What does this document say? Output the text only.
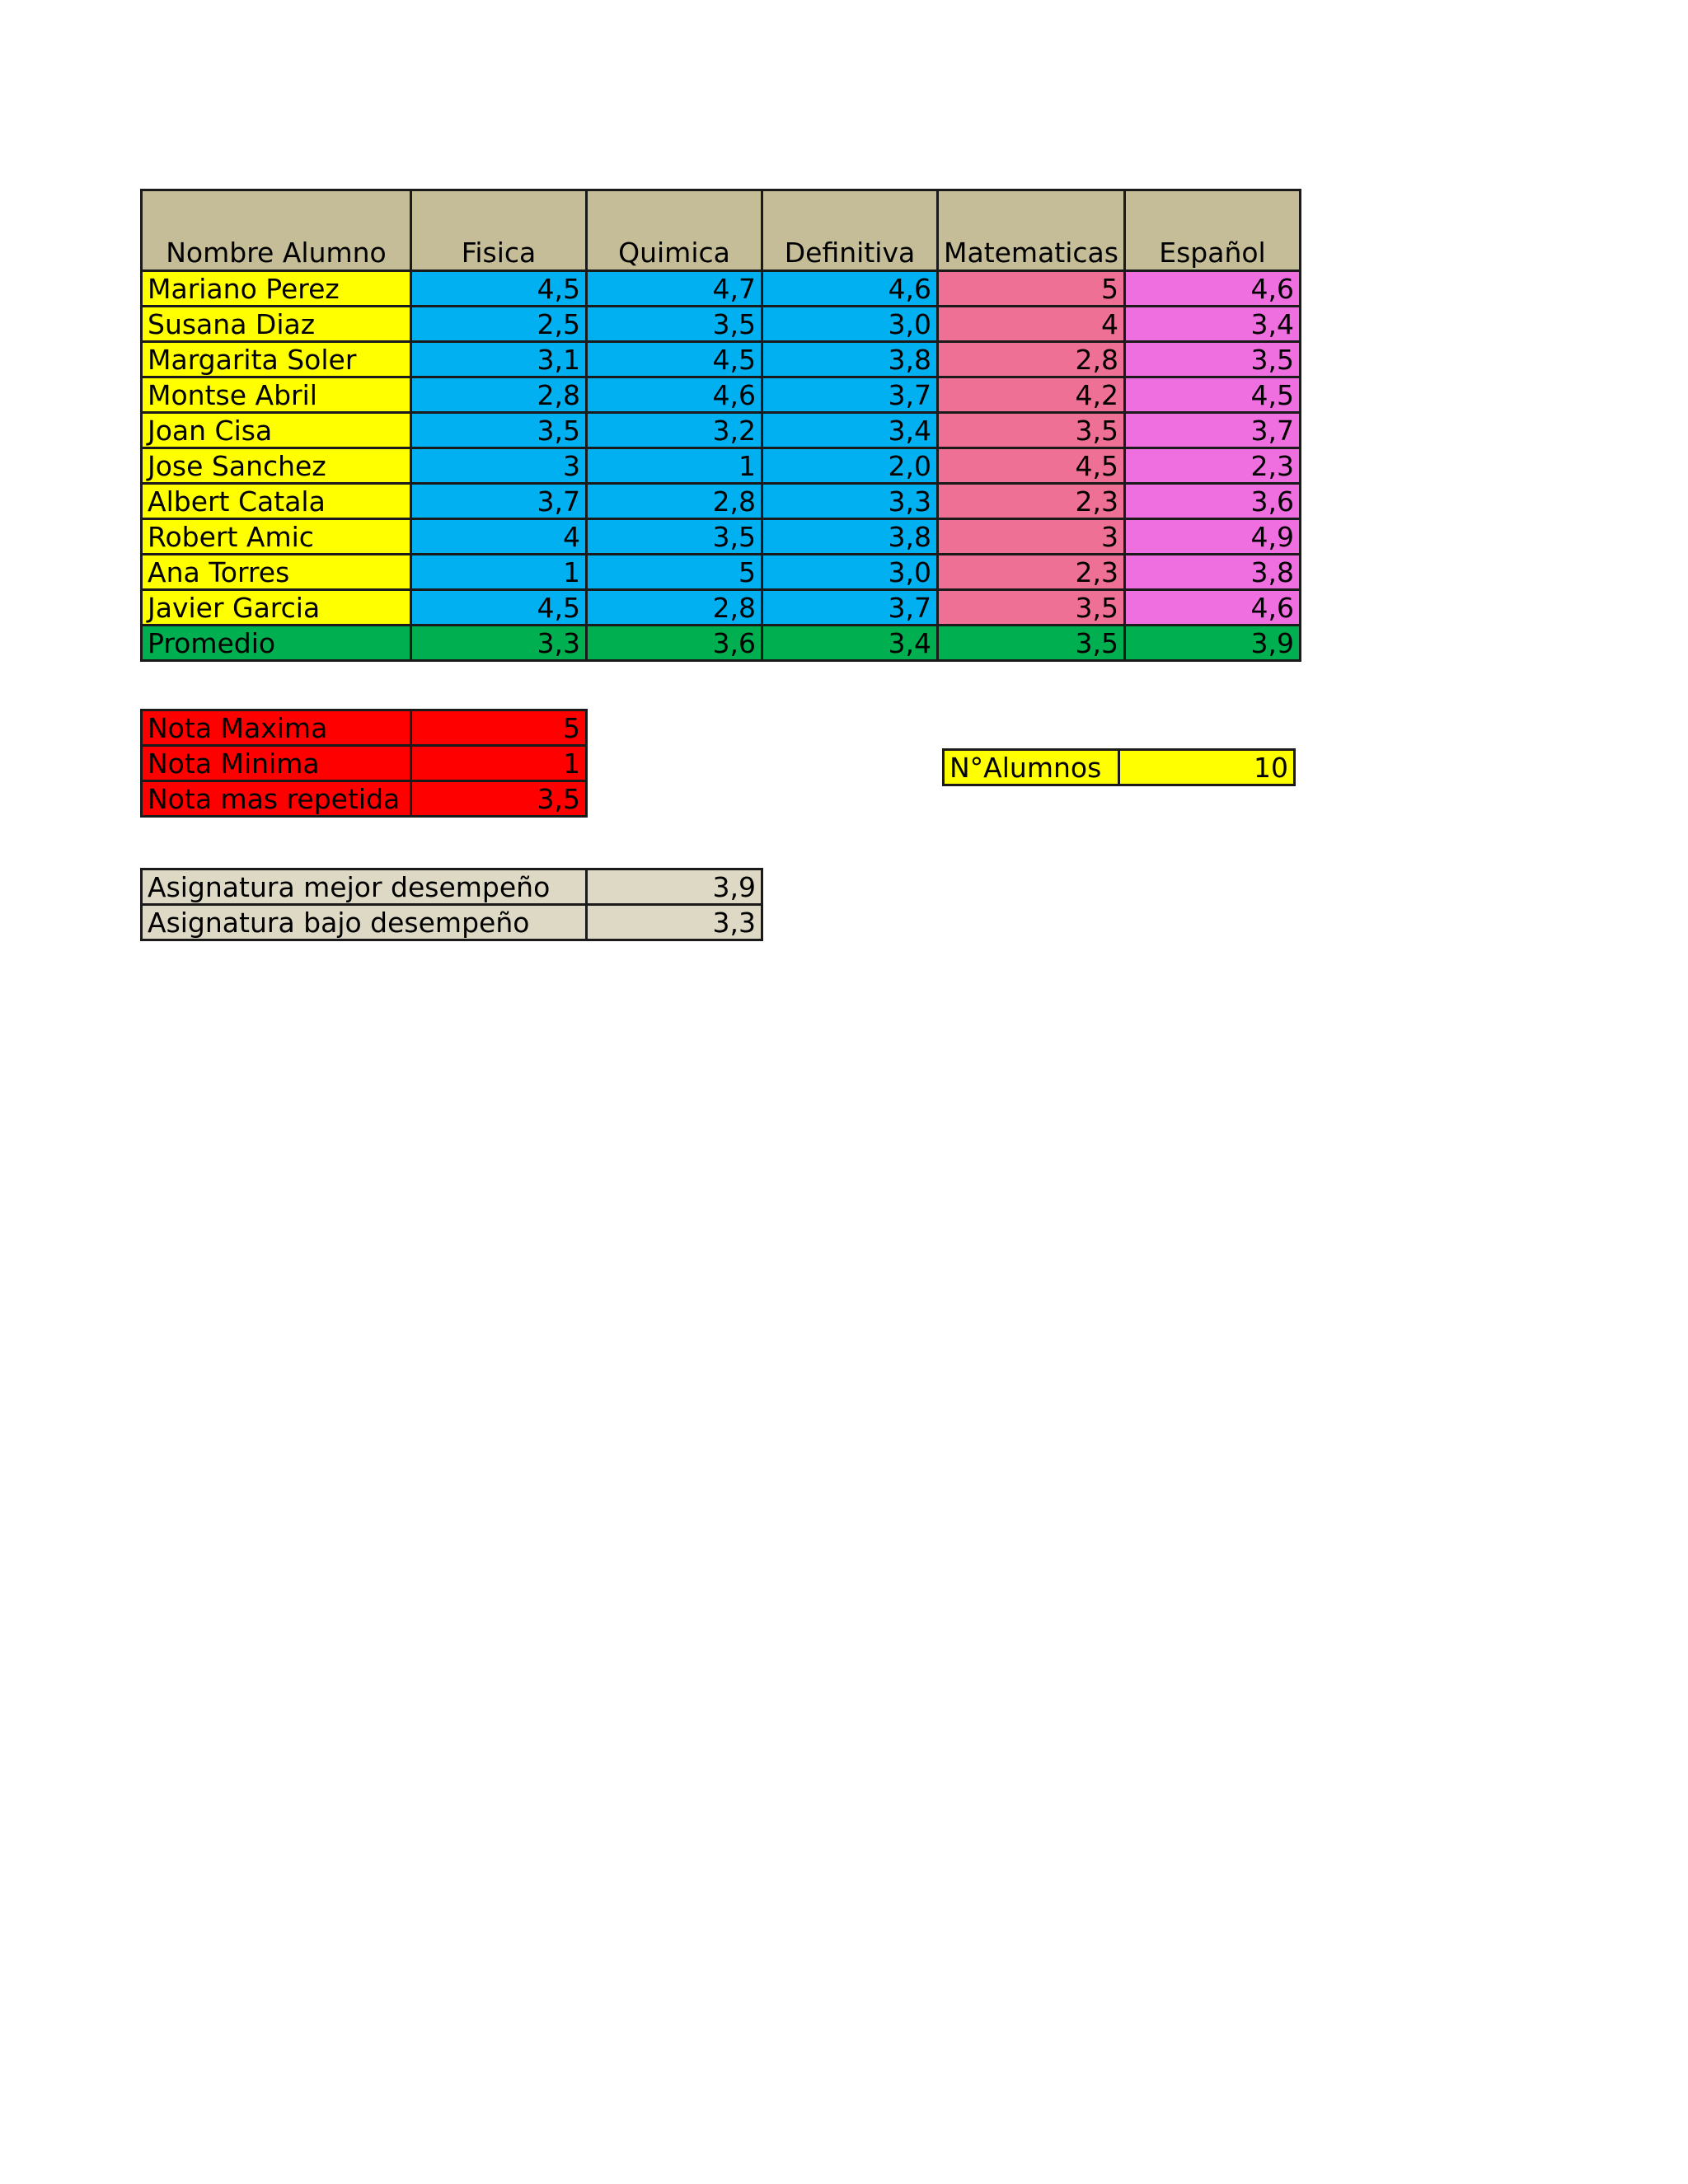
Nombre Alumno	Fisica	Quimica	Definitiva	Matematicas	Español
Mariano Perez	4,5	4,7	4,6	5	4,6
Susana Diaz	2,5	3,5	3,0	4	3,4
Margarita Soler	3,1	4,5	3,8	2,8	3,5
Montse Abril	2,8	4,6	3,7	4,2	4,5
Joan Cisa	3,5	3,2	3,4	3,5	3,7
Jose Sanchez	3	1	2,0	4,5	2,3
Albert Catala	3,7	2,8	3,3	2,3	3,6
Robert Amic	4	3,5	3,8	3	4,9
Ana Torres	1	5	3,0	2,3	3,8
Javier Garcia	4,5	2,8	3,7	3,5	4,6
Promedio	3,3	3,6	3,4	3,5	3,9
Nota Maxima	5
Nota Minima	1
Nota mas repetida	3,5
N°Alumnos	10
Asignatura mejor desempeño	3,9
Asignatura bajo desempeño	3,3
